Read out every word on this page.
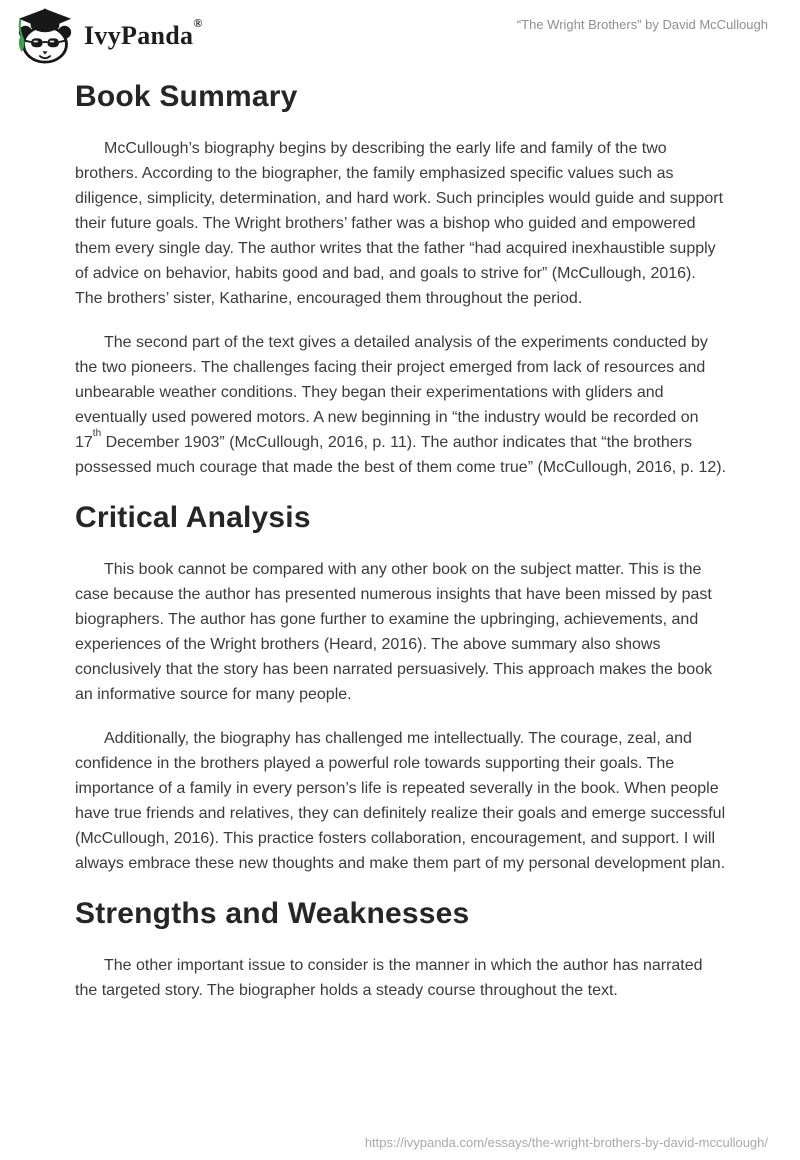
IvyPanda®	“The Wright Brothers” by David McCullough
Book Summary

McCullough’s biography begins by describing the early life and family of the two brothers. According to the biographer, the family emphasized specific values such as diligence, simplicity, determination, and hard work. Such principles would guide and support their future goals. The Wright brothers’ father was a bishop who guided and empowered them every single day. The author writes that the father “had acquired inexhaustible supply of advice on behavior, habits good and bad, and goals to strive for” (McCullough, 2016). The brothers’ sister, Katharine, encouraged them throughout the period.

The second part of the text gives a detailed analysis of the experiments conducted by the two pioneers. The challenges facing their project emerged from lack of resources and unbearable weather conditions. They began their experimentations with gliders and eventually used powered motors. A new beginning in “the industry would be recorded on 17th December 1903” (McCullough, 2016, p. 11). The author indicates that “the brothers possessed much courage that made the best of them come true” (McCullough, 2016, p. 12).

Critical Analysis

This book cannot be compared with any other book on the subject matter. This is the case because the author has presented numerous insights that have been missed by past biographers. The author has gone further to examine the upbringing, achievements, and experiences of the Wright brothers (Heard, 2016). The above summary also shows conclusively that the story has been narrated persuasively. This approach makes the book an informative source for many people.

Additionally, the biography has challenged me intellectually. The courage, zeal, and confidence in the brothers played a powerful role towards supporting their goals. The importance of a family in every person’s life is repeated severally in the book. When people have true friends and relatives, they can definitely realize their goals and emerge successful (McCullough, 2016). This practice fosters collaboration, encouragement, and support. I will always embrace these new thoughts and make them part of my personal development plan.

Strengths and Weaknesses

The other important issue to consider is the manner in which the author has narrated the targeted story. The biographer holds a steady course throughout the text.

https://ivypanda.com/essays/the-wright-brothers-by-david-mccullough/
